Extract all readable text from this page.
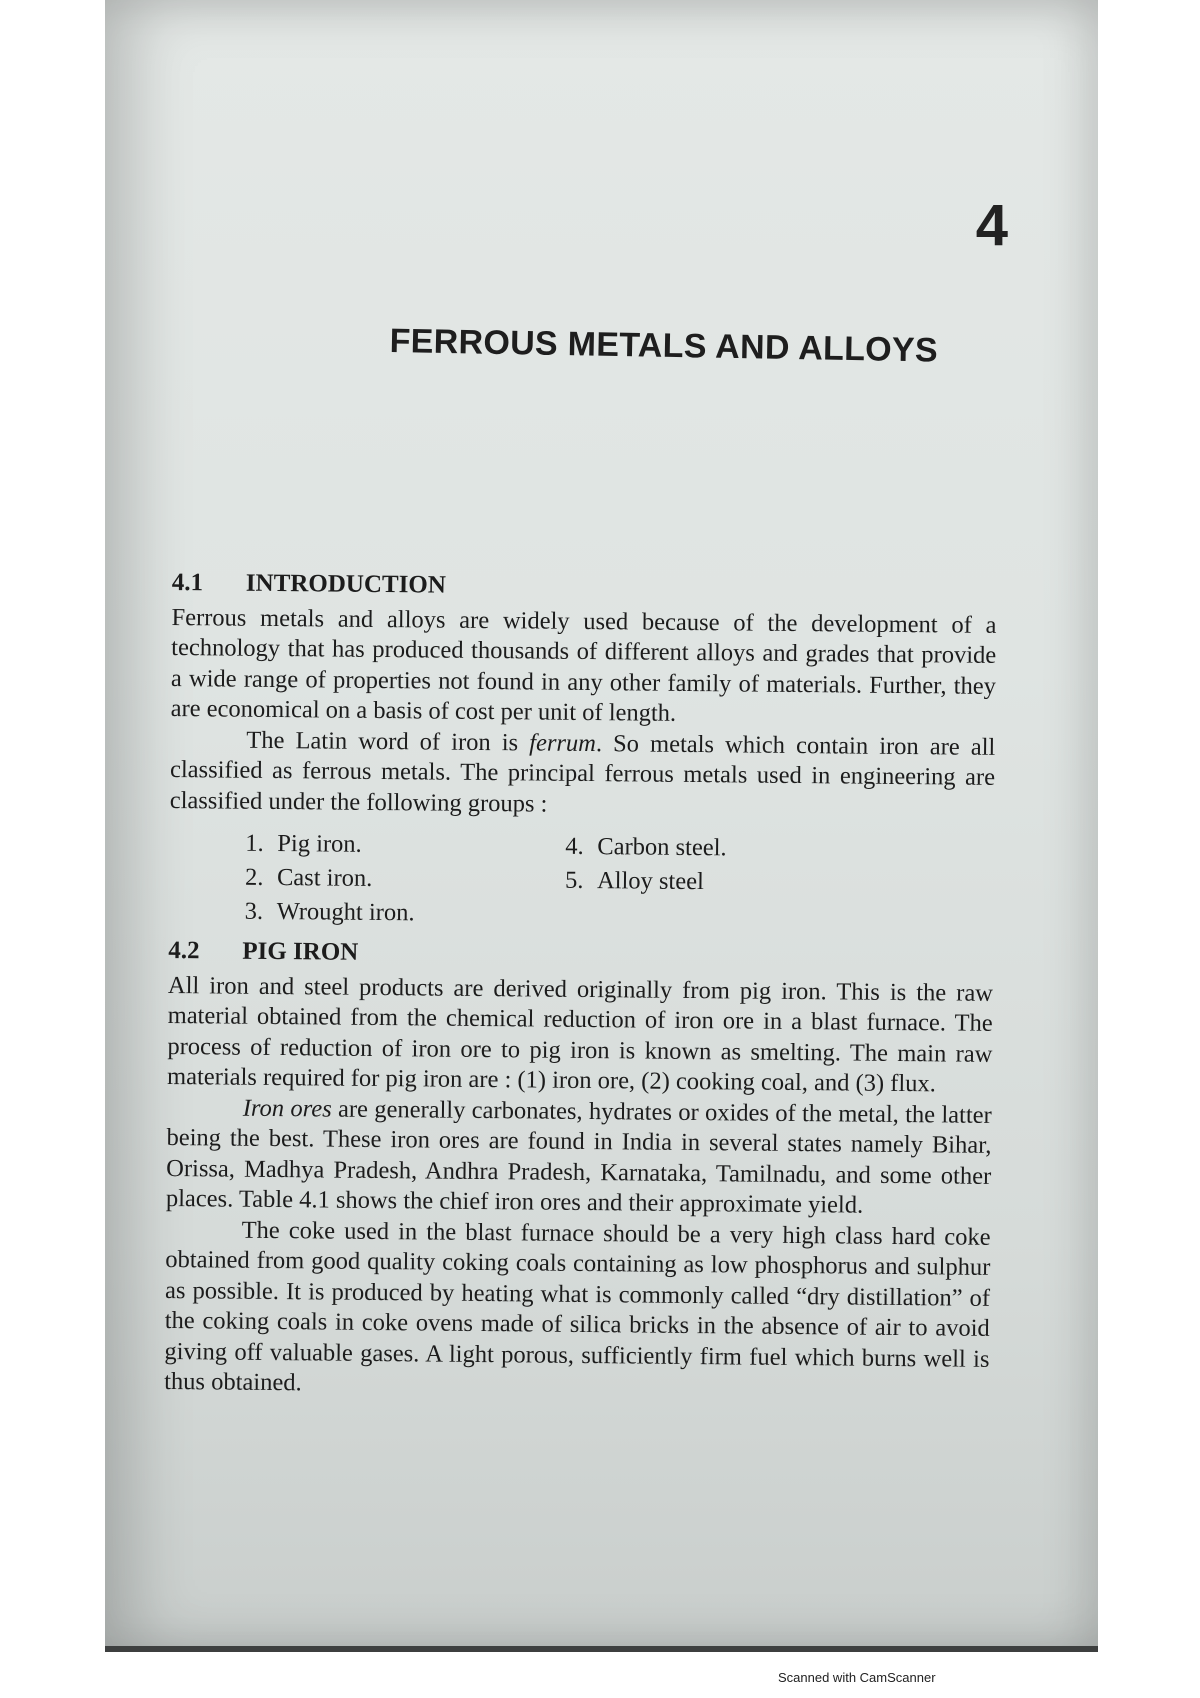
4
FERROUS METALS AND ALLOYS
4.1	INTRODUCTION

Ferrous metals and alloys are widely used because of the development of a technology that has produced thousands of different alloys and grades that provide a wide range of properties not found in any other family of materials. Further, they are economical on a basis of cost per unit of length.

The Latin word of iron is ferrum. So metals which contain iron are all classified as ferrous metals. The principal ferrous metals used in engineering are classified under the following groups :

1. Pig iron.	4. Carbon steel.
2. Cast iron.	5. Alloy steel
3. Wrought iron.
4.2	PIG IRON

All iron and steel products are derived originally from pig iron. This is the raw material obtained from the chemical reduction of iron ore in a blast furnace. The process of reduction of iron ore to pig iron is known as smelting. The main raw materials required for pig iron are : (1) iron ore, (2) cooking coal, and (3) flux.

Iron ores are generally carbonates, hydrates or oxides of the metal, the latter being the best. These iron ores are found in India in several states namely Bihar, Orissa, Madhya Pradesh, Andhra Pradesh, Karnataka, Tamilnadu, and some other places. Table 4.1 shows the chief iron ores and their approximate yield.

The coke used in the blast furnace should be a very high class hard coke obtained from good quality coking coals containing as low phosphorus and sulphur as possible. It is produced by heating what is commonly called “dry distillation” of the coking coals in coke ovens made of silica bricks in the absence of air to avoid giving off valuable gases. A light porous, sufficiently firm fuel which burns well is thus obtained.

Scanned with CamScanner
